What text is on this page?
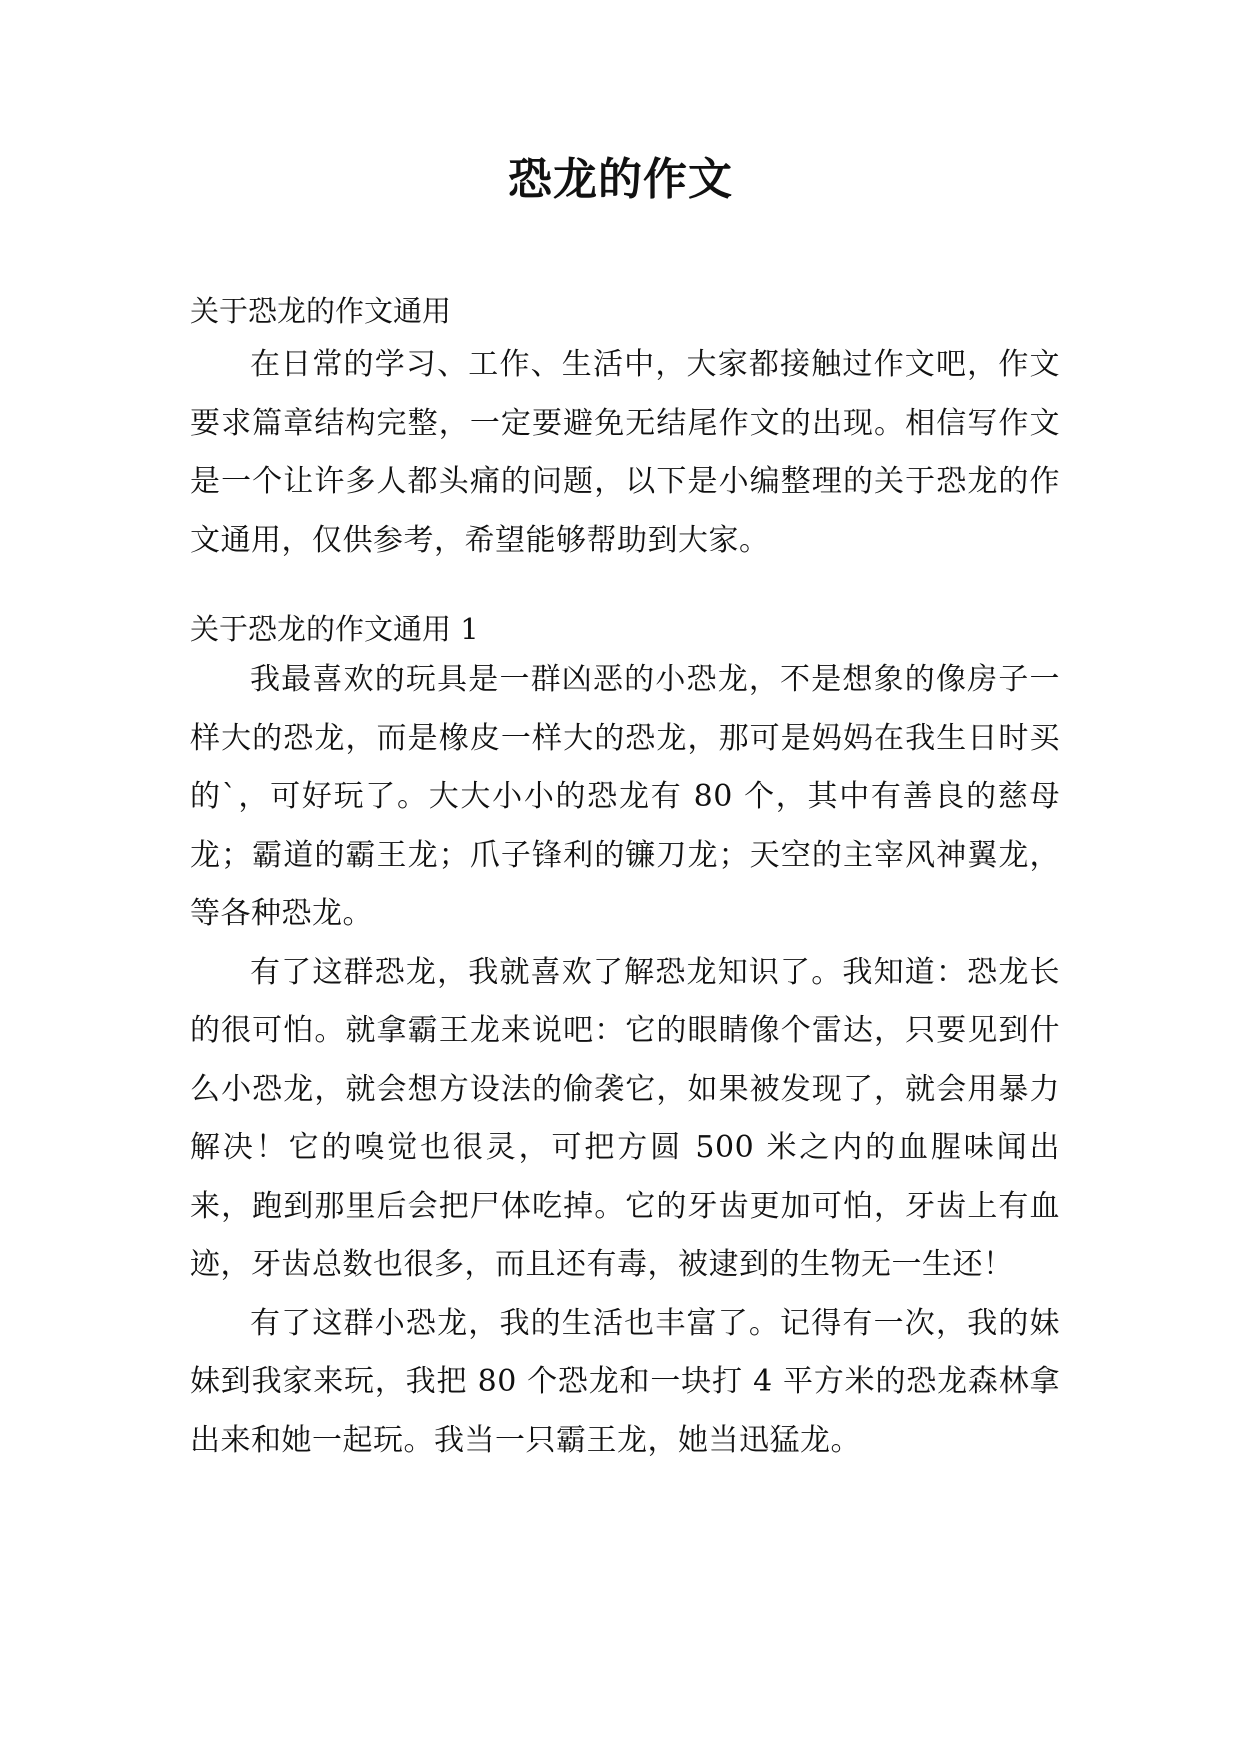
恐龙的作文

关于恐龙的作文通用

在日常的学习、工作、生活中，大家都接触过作文吧，作文要求篇章结构完整，一定要避免无结尾作文的出现。相信写作文是一个让许多人都头痛的问题，以下是小编整理的关于恐龙的作文通用，仅供参考，希望能够帮助到大家。

关于恐龙的作文通用 1

我最喜欢的玩具是一群凶恶的小恐龙，不是想象的像房子一样大的恐龙，而是橡皮一样大的恐龙，那可是妈妈在我生日时买的`，可好玩了。大大小小的恐龙有 80 个，其中有善良的慈母龙；霸道的霸王龙；爪子锋利的镰刀龙；天空的主宰风神翼龙，等各种恐龙。

有了这群恐龙，我就喜欢了解恐龙知识了。我知道：恐龙长的很可怕。就拿霸王龙来说吧：它的眼睛像个雷达，只要见到什么小恐龙，就会想方设法的偷袭它，如果被发现了，就会用暴力解决！它的嗅觉也很灵，可把方圆 500 米之内的血腥味闻出来，跑到那里后会把尸体吃掉。它的牙齿更加可怕，牙齿上有血迹，牙齿总数也很多，而且还有毒，被逮到的生物无一生还！

有了这群小恐龙，我的生活也丰富了。记得有一次，我的妹妹到我家来玩，我把 80 个恐龙和一块打 4 平方米的恐龙森林拿出来和她一起玩。我当一只霸王龙，她当迅猛龙。
